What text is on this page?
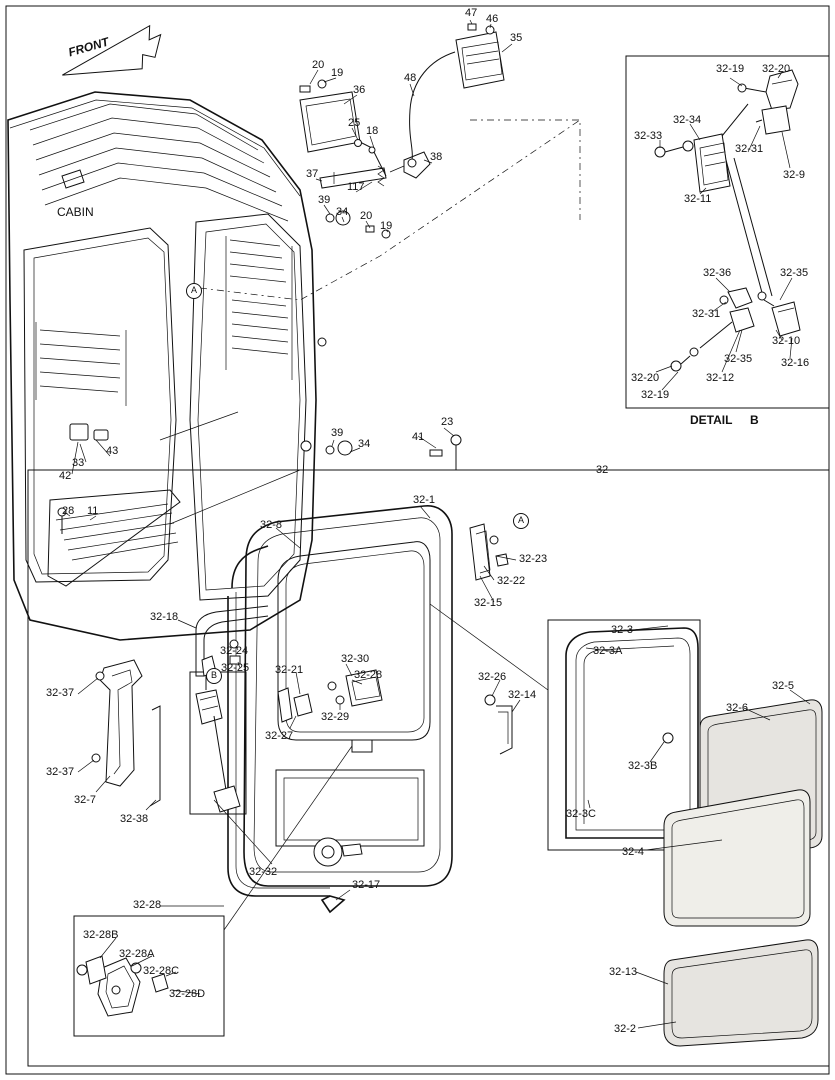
FRONT
CABIN
DETAIL B
47 46
35
48
20
19
36
25
18
38
37
117
39
34 20
19
32-19 32-20
32-34
32-33
32-31
32-9
32-11
32-36	32-35
32-31
32-10
32-16
32-35
32-12
32-20
32-19
39
34
41
23
32
43
33
42
28 11
32-1
32-8
32-23
32-22
32-15
32-18
32-24
32-25 32-21
32-30
32-28
32-29
32-27
32-26
32-14
32-37
32-37
32-7
32-38
32-32
32-17
32-3
32-3A
32-3B
32-3C
32-5
32-6
32-4
32-13
32-2
32-28
32-28B
32-28A
32-28C
32-28D
A
A
B
